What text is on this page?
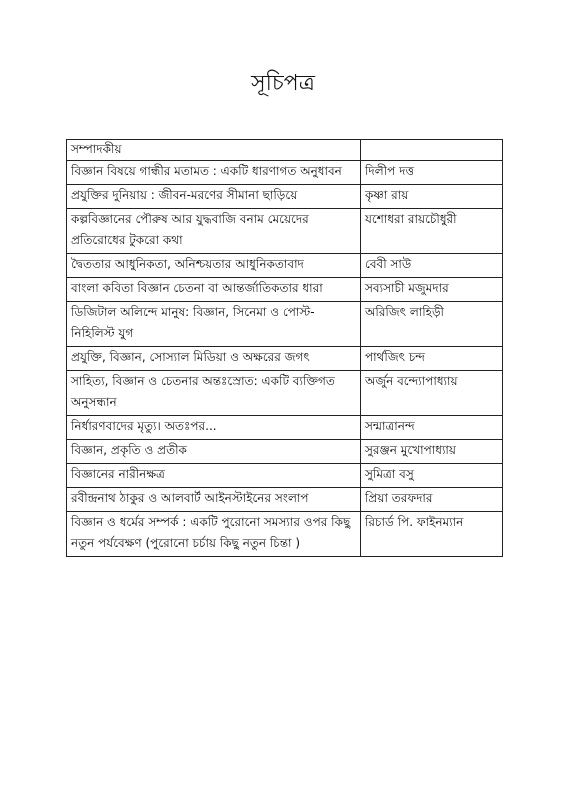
সূচিপত্র
সম্পাদকীয়	
বিজ্ঞান বিষয়ে গান্ধীর মতামত : একটি ধারণাগত অনুধাবন	দিলীপ দত্ত
প্রযুক্তির দুনিয়ায় : জীবন-মরণের সীমানা ছাড়িয়ে	কৃষ্ণা রায়
কল্পবিজ্ঞানের পৌরুষ আর যুদ্ধবাজি বনাম মেয়েদের প্রতিরোধের টুকরো কথা	যশোধরা রায়চৌধুরী
দ্বৈততার আধুনিকতা, অনিশ্চয়তার আধুনিকতাবাদ	বেবী সাউ
বাংলা কবিতা বিজ্ঞান চেতনা বা আন্তর্জাতিকতার ধারা	সব্যসাচী মজুমদার
ডিজিটাল অলিন্দে মানুষ: বিজ্ঞান, সিনেমা ও পোস্ট-নিহিলিস্ট যুগ	অরিজিৎ লাহিড়ী
প্রযুক্তি, বিজ্ঞান, সোস্যাল মিডিয়া ও অক্ষরের জগৎ	পার্থজিৎ চন্দ
সাহিত্য, বিজ্ঞান ও চেতনার অন্তঃস্রোত: একটি ব্যক্তিগত অনুসন্ধান	অর্জুন বন্দ্যোপাধ্যায়
নির্ধারণবাদের মৃত্যু। অতঃপর...	সন্মাত্রানন্দ
বিজ্ঞান, প্রকৃতি ও প্রতীক	সুরঞ্জন মুখোপাধ্যায়
বিজ্ঞানের নারীনক্ষত্র	সুমিত্রা বসু
রবীন্দ্রনাথ ঠাকুর ও আলবার্ট আইনস্টাইনের সংলাপ	প্রিয়া তরফদার
বিজ্ঞান ও ধর্মের সম্পর্ক : একটি পুরোনো সমস্যার ওপর কিছু নতুন পর্যবেক্ষণ (পুরোনো চর্চায় কিছু নতুন চিন্তা )	রিচার্ড পি. ফাইনম্যান
